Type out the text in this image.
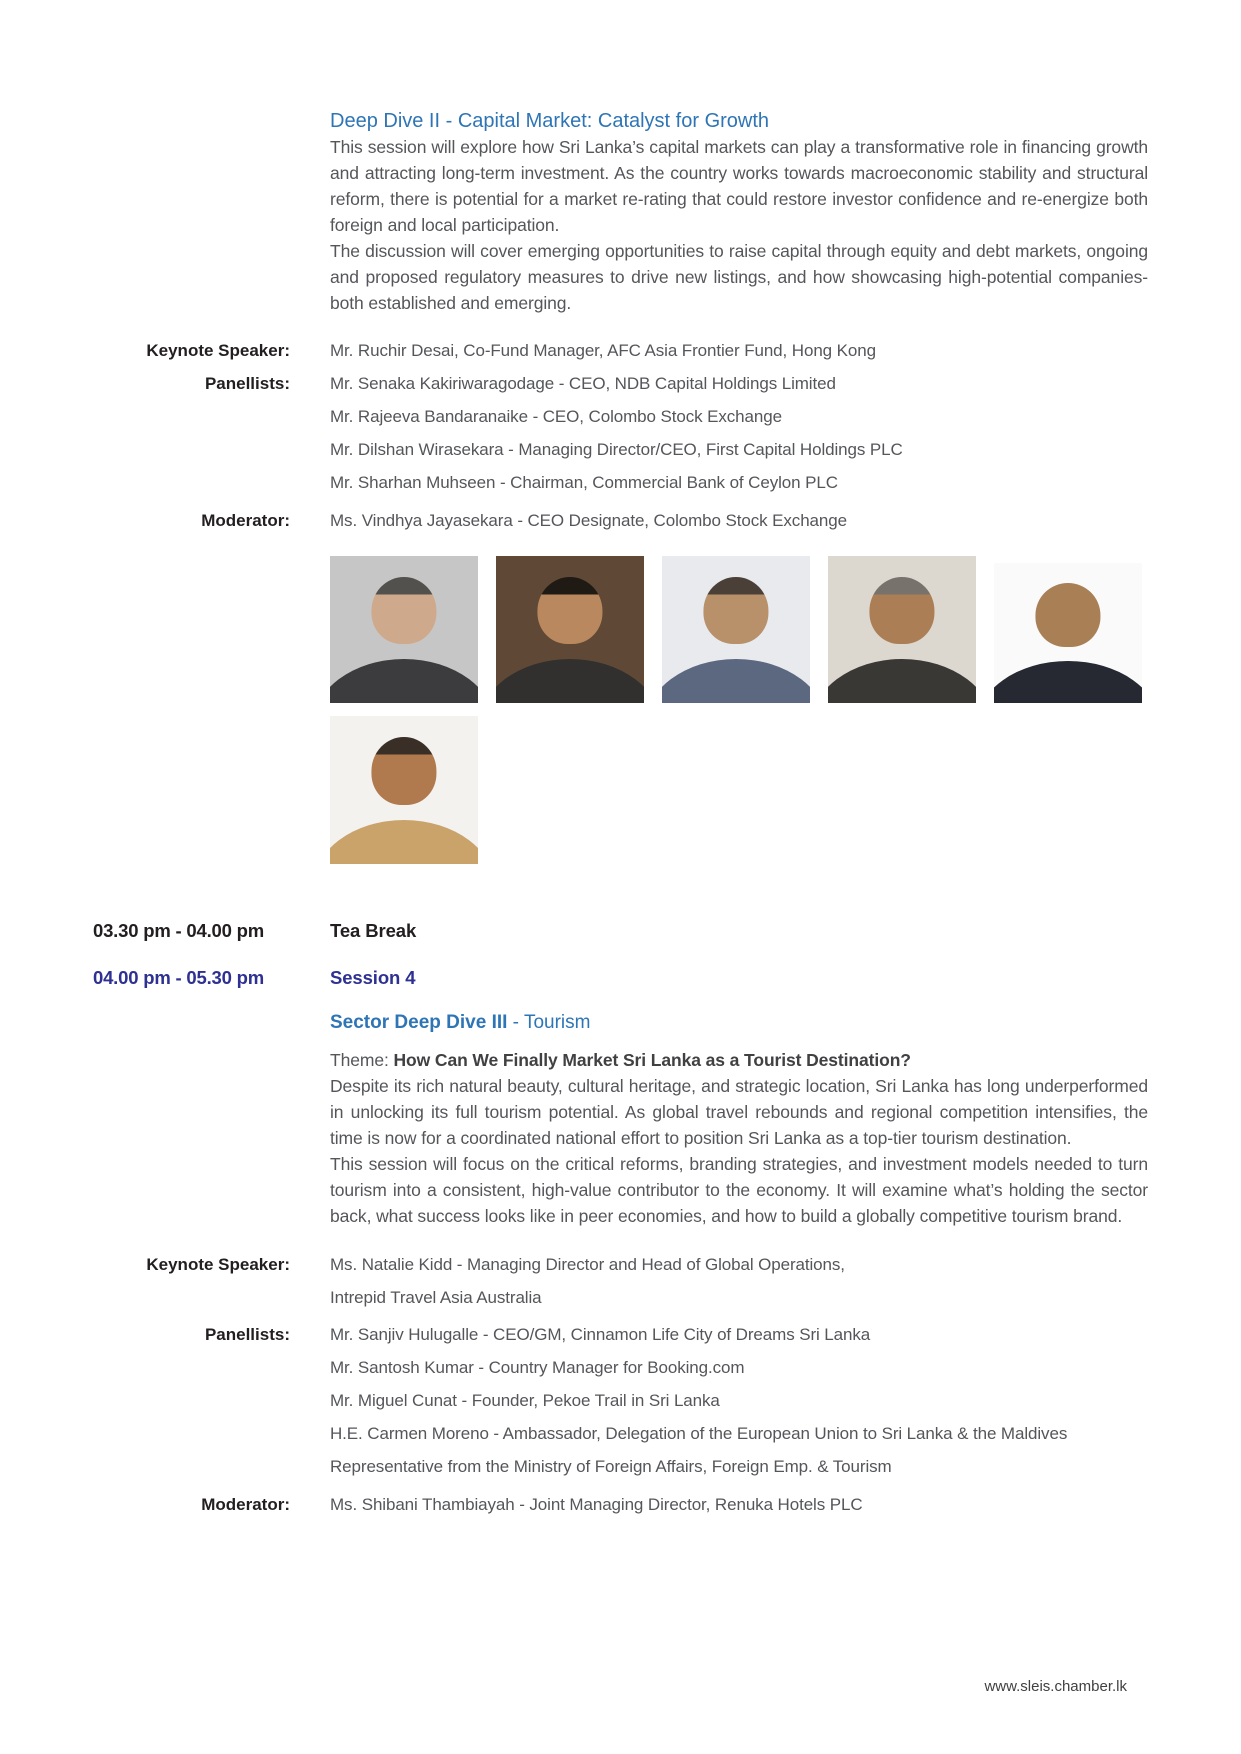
Deep Dive II - Capital Market: Catalyst for Growth

This session will explore how Sri Lanka’s capital markets can play a transformative role in financing growth and attracting long-term investment. As the country works towards macroeconomic stability and structural reform, there is potential for a market re-rating that could restore investor confidence and re-energize both foreign and local participation.

The discussion will cover emerging opportunities to raise capital through equity and debt markets, ongoing and proposed regulatory measures to drive new listings, and how showcasing high-potential companies-both established and emerging.

Keynote Speaker:	Mr. Ruchir Desai, Co-Fund Manager, AFC Asia Frontier Fund, Hong Kong
Panellists:	Mr. Senaka Kakiriwaragodage - CEO, NDB Capital Holdings Limited
Mr. Rajeeva Bandaranaike - CEO, Colombo Stock Exchange
Mr. Dilshan Wirasekara - Managing Director/CEO, First Capital Holdings PLC
Mr. Sharhan Muhseen - Chairman, Commercial Bank of Ceylon PLC
Moderator:	Ms. Vindhya Jayasekara - CEO Designate, Colombo Stock Exchange
03.30 pm - 04.00 pm	Tea Break
04.00 pm - 05.30 pm	Session 4
Sector Deep Dive III - Tourism
Theme: How Can We Finally Market Sri Lanka as a Tourist Destination?

Despite its rich natural beauty, cultural heritage, and strategic location, Sri Lanka has long underperformed in unlocking its full tourism potential. As global travel rebounds and regional competition intensifies, the time is now for a coordinated national effort to position Sri Lanka as a top-tier tourism destination.

This session will focus on the critical reforms, branding strategies, and investment models needed to turn tourism into a consistent, high-value contributor to the economy. It will examine what’s holding the sector back, what success looks like in peer economies, and how to build a globally competitive tourism brand.

Keynote Speaker:	Ms. Natalie Kidd - Managing Director and Head of Global Operations,
Intrepid Travel Asia Australia
Panellists:	Mr. Sanjiv Hulugalle - CEO/GM, Cinnamon Life City of Dreams Sri Lanka
Mr. Santosh Kumar - Country Manager for Booking.com
Mr. Miguel Cunat - Founder, Pekoe Trail in Sri Lanka
H.E. Carmen Moreno - Ambassador, Delegation of the European Union to Sri Lanka & the Maldives
Representative from the Ministry of Foreign Affairs, Foreign Emp. & Tourism
Moderator:	Ms. Shibani Thambiayah - Joint Managing Director, Renuka Hotels PLC
www.sleis.chamber.lk
